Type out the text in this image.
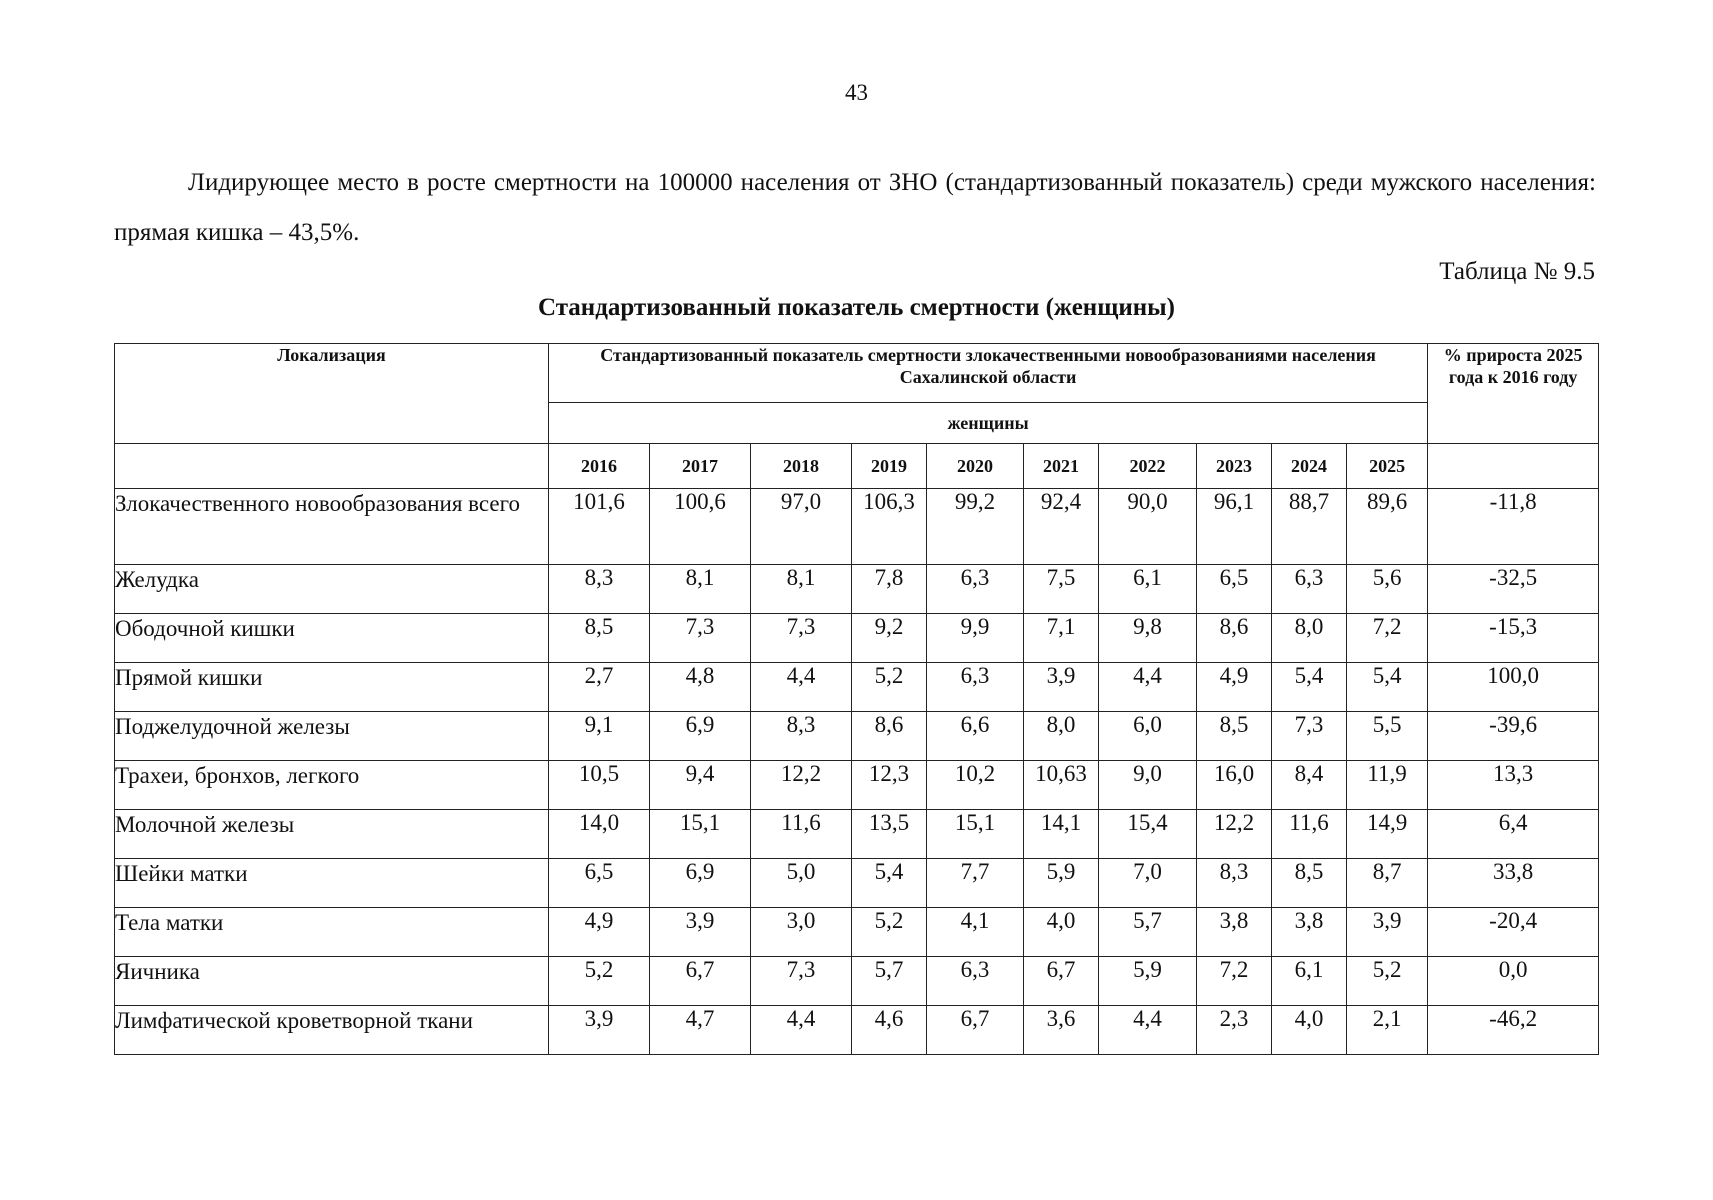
43

Лидирующее место в росте смертности на 100000 населения от ЗНО (стандартизованный показатель) среди мужского населения: прямая кишка – 43,5%.

Таблица № 9.5
Стандартизованный показатель смертности (женщины)
Локализация	Стандартизованный показатель смертности злокачественными новообразованиями населения Сахалинской области										% прироста 2025 года к 2016 году
	женщины										
	2016	2017	2018	2019	2020	2021	2022	2023	2024	2025	
Злокачественного новообразования всего	101,6	100,6	97,0	106,3	99,2	92,4	90,0	96,1	88,7	89,6	-11,8
Желудка	8,3	8,1	8,1	7,8	6,3	7,5	6,1	6,5	6,3	5,6	-32,5
Ободочной кишки	8,5	7,3	7,3	9,2	9,9	7,1	9,8	8,6	8,0	7,2	-15,3
Прямой кишки	2,7	4,8	4,4	5,2	6,3	3,9	4,4	4,9	5,4	5,4	100,0
Поджелудочной железы	9,1	6,9	8,3	8,6	6,6	8,0	6,0	8,5	7,3	5,5	-39,6
Трахеи, бронхов, легкого	10,5	9,4	12,2	12,3	10,2	10,63	9,0	16,0	8,4	11,9	13,3
Молочной железы	14,0	15,1	11,6	13,5	15,1	14,1	15,4	12,2	11,6	14,9	6,4
Шейки матки	6,5	6,9	5,0	5,4	7,7	5,9	7,0	8,3	8,5	8,7	33,8
Тела матки	4,9	3,9	3,0	5,2	4,1	4,0	5,7	3,8	3,8	3,9	-20,4
Яичника	5,2	6,7	7,3	5,7	6,3	6,7	5,9	7,2	6,1	5,2	0,0
Лимфатической кроветворной ткани	3,9	4,7	4,4	4,6	6,7	3,6	4,4	2,3	4,0	2,1	-46,2
